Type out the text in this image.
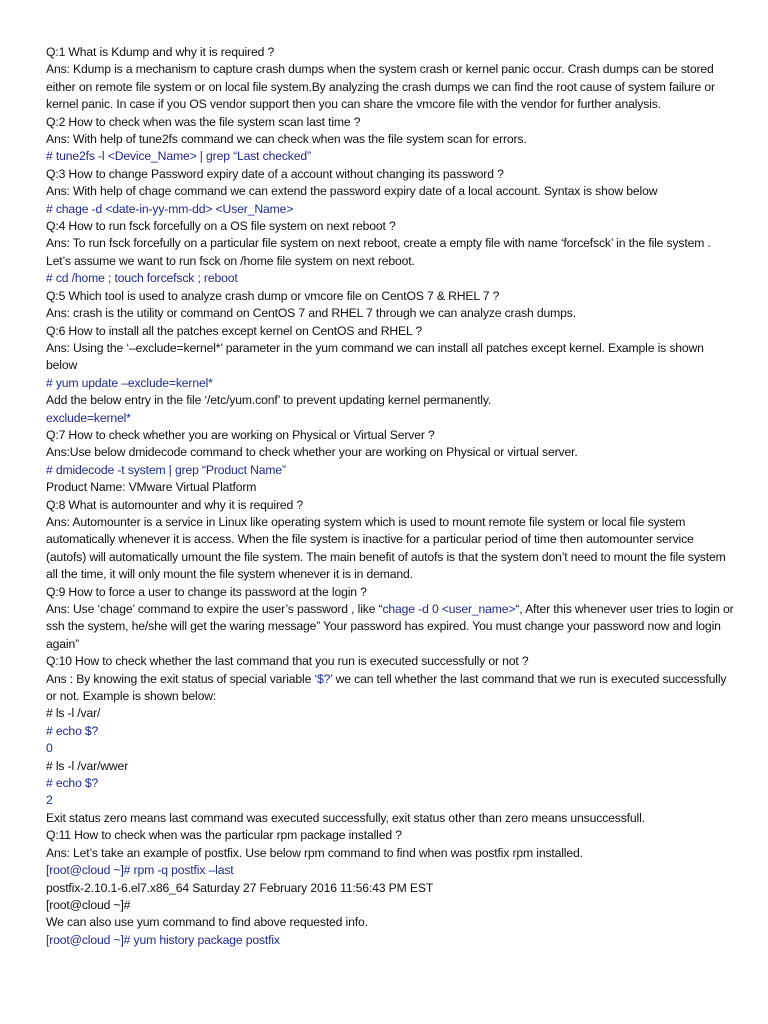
Q:1 What is Kdump and why it is required ?

Ans: Kdump is a mechanism to capture crash dumps when the system crash or kernel panic occur. Crash dumps can be stored either on remote file system or on local file system.By analyzing the crash dumps we can find the root cause of system failure or kernel panic. In case if you OS vendor support then you can share the vmcore file with the vendor for further analysis.

Q:2 How to check when was the file system scan last time ?

Ans: With help of tune2fs command we can check when was the file system scan for errors.

# tune2fs -l <Device_Name> | grep “Last checked”

Q:3 How to change Password expiry date of a account without changing its password ?

Ans: With help of chage command we can extend the password expiry date of a local account. Syntax is show below

# chage -d <date-in-yy-mm-dd> <User_Name>

Q:4 How to run fsck forcefully on a OS file system on next reboot ?

Ans: To run fsck forcefully on a particular file system on next reboot, create a empty file with name ‘forcefsck’ in the file system . Let’s assume we want to run fsck on /home file system on next reboot.

# cd /home ; touch forcefsck ; reboot

Q:5 Which tool is used to analyze crash dump or vmcore file on CentOS 7 & RHEL 7 ?

Ans: crash is the utility or command on CentOS 7 and RHEL 7 through we can analyze crash dumps.

Q:6 How to install all the patches except kernel on CentOS and RHEL ?

Ans: Using the ‘–exclude=kernel*’ parameter in the yum command we can install all patches except kernel. Example is shown below

# yum update –exclude=kernel*

Add the below entry in the file ‘/etc/yum.conf’ to prevent updating kernel permanently.

exclude=kernel*

Q:7 How to check whether you are working on Physical or Virtual Server ?

Ans:Use below dmidecode command to check whether your are working on Physical or virtual server.

# dmidecode -t system | grep “Product Name”

Product Name: VMware Virtual Platform

Q:8 What is automounter and why it is required ?

Ans: Automounter is a service in Linux like operating system which is used to mount remote file system or local file system automatically whenever it is access. When the file system is inactive for a particular period of time then automounter service (autofs) will automatically umount the file system. The main benefit of autofs is that the system don’t need to mount the file system all the time, it will only mount the file system whenever it is in demand.

Q:9 How to force a user to change its password at the login ?

Ans: Use ‘chage’ command to expire the user’s password , like “chage -d 0 <user_name>“, After this whenever user tries to login or ssh the system, he/she will get the waring message” Your password has expired. You must change your password now and login again”

Q:10 How to check whether the last command that you run is executed successfully or not ?

Ans : By knowing the exit status of special variable ‘$?’ we can tell whether the last command that we run is executed successfully or not. Example is shown below:

# ls -l /var/

# echo $?

0

# ls -l /var/wwer

# echo $?

2

Exit status zero means last command was executed successfully, exit status other than zero means unsuccessfull.

Q:11 How to check when was the particular rpm package installed ?

Ans: Let’s take an example of postfix. Use below rpm command to find when was postfix rpm installed.

[root@cloud ~]# rpm -q postfix –last

postfix-2.10.1-6.el7.x86_64 Saturday 27 February 2016 11:56:43 PM EST

[root@cloud ~]#

We can also use yum command to find above requested info.

[root@cloud ~]# yum history package postfix
